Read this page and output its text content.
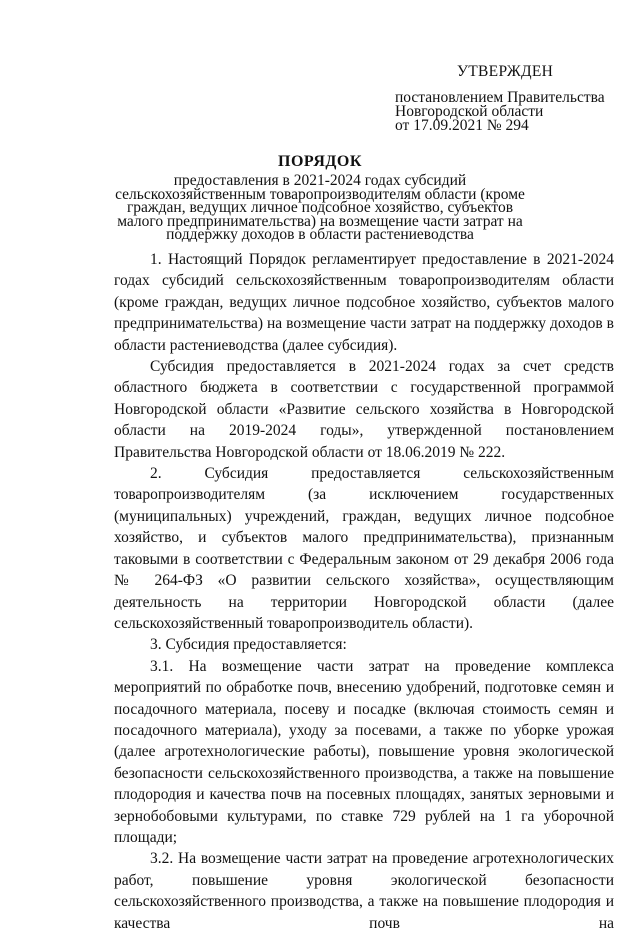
УТВЕРЖДЕН
постановлением Правительства
Новгородской области
от 17.09.2021 № 294
ПОРЯДОК
предоставления в 2021-2024 годах субсидий сельскохозяйственным товаропроизводителям области (кроме граждан, ведущих личное подсобное хозяйство, субъектов малого предпринимательства) на возмещение части затрат на поддержку доходов в области растениеводства

1. Настоящий Порядок регламентирует предоставление в 2021-2024 годах субсидий сельскохозяйственным товаропроизводителям области (кроме граждан, ведущих личное подсобное хозяйство, субъектов малого предпринимательства) на возмещение части затрат на поддержку доходов в области растениеводства (далее субсидия).

Субсидия предоставляется в 2021-2024 годах за счет средств областного бюджета в соответствии с государственной программой Новгородской области «Развитие сельского хозяйства в Новгородской области на 2019-2024 годы», утвержденной постановлением Правительства Новгородской области от 18.06.2019 № 222.

2. Субсидия предоставляется сельскохозяйственным товаропроизводителям (за исключением государственных (муниципальных) учреждений, граждан, ведущих личное подсобное хозяйство, и субъектов малого предпринимательства), признанным таковыми в соответствии с Федеральным законом от 29 декабря 2006 года № 264-ФЗ «О развитии сельского хозяйства», осуществляющим деятельность на территории Новгородской области (далее сельскохозяйственный товаропроизводитель области).

3. Субсидия предоставляется:

3.1. На возмещение части затрат на проведение комплекса мероприятий по обработке почв, внесению удобрений, подготовке семян и посадочного материала, посеву и посадке (включая стоимость семян и посадочного материала), уходу за посевами, а также по уборке урожая (далее агротехнологические работы), повышение уровня экологической безопасности сельскохозяйственного производства, а также на повышение плодородия и качества почв на посевных площадях, занятых зерновыми и зернобобовыми культурами, по ставке 729 рублей на 1 га уборочной площади;

3.2. На возмещение части затрат на проведение агротехнологических работ, повышение уровня экологической безопасности сельскохозяйственного производства, а также на повышение плодородия и качества почв на
